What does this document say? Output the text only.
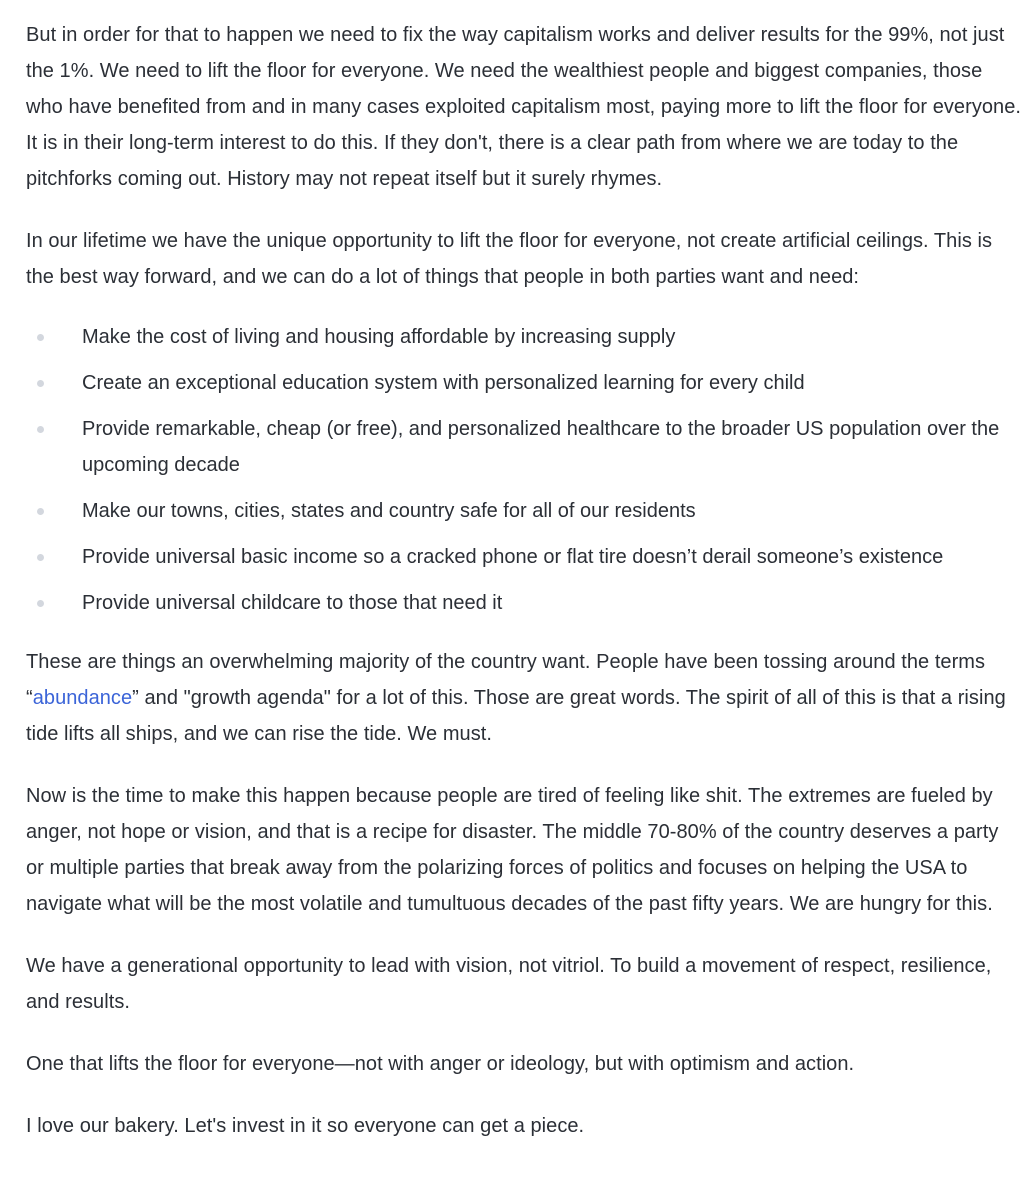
But in order for that to happen we need to fix the way capitalism works and deliver results for the 99%, not just the 1%. We need to lift the floor for everyone. We need the wealthiest people and biggest companies, those who have benefited from and in many cases exploited capitalism most, paying more to lift the floor for everyone. It is in their long-term interest to do this. If they don't, there is a clear path from where we are today to the pitchforks coming out. History may not repeat itself but it surely rhymes.

In our lifetime we have the unique opportunity to lift the floor for everyone, not create artificial ceilings. This is the best way forward, and we can do a lot of things that people in both parties want and need:

Make the cost of living and housing affordable by increasing supply
Create an exceptional education system with personalized learning for every child
Provide remarkable, cheap (or free), and personalized healthcare to the broader US population over the upcoming decade
Make our towns, cities, states and country safe for all of our residents
Provide universal basic income so a cracked phone or flat tire doesn’t derail someone’s existence
Provide universal childcare to those that need it

These are things an overwhelming majority of the country want. People have been tossing around the terms “abundance” and "growth agenda" for a lot of this. Those are great words. The spirit of all of this is that a rising tide lifts all ships, and we can rise the tide. We must.

Now is the time to make this happen because people are tired of feeling like shit. The extremes are fueled by anger, not hope or vision, and that is a recipe for disaster. The middle 70-80% of the country deserves a party or multiple parties that break away from the polarizing forces of politics and focuses on helping the USA to navigate what will be the most volatile and tumultuous decades of the past fifty years. We are hungry for this.

We have a generational opportunity to lead with vision, not vitriol. To build a movement of respect, resilience, and results.

One that lifts the floor for everyone—not with anger or ideology, but with optimism and action.

I love our bakery. Let's invest in it so everyone can get a piece.
